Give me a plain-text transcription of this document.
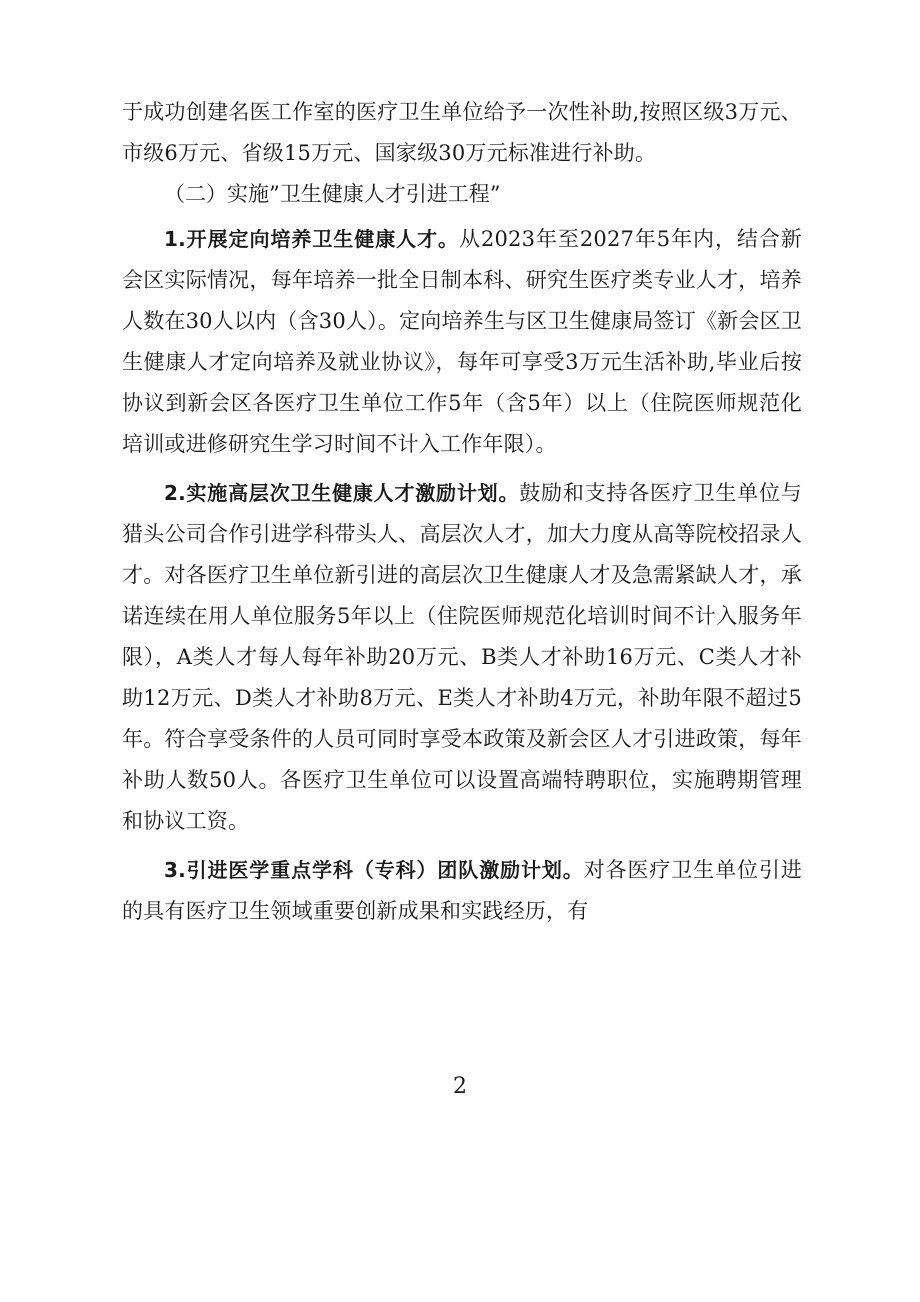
于成功创建名医工作室的医疗卫生单位给予一次性补助,按照区级3万元、市级6万元、省级15万元、国家级30万元标准进行补助。

（二）实施”卫生健康人才引进工程”

1.开展定向培养卫生健康人才。从2023年至2027年5年内，结合新会区实际情况，每年培养一批全日制本科、研究生医疗类专业人才，培养人数在30人以内（含30人）。定向培养生与区卫生健康局签订《新会区卫生健康人才定向培养及就业协议》，每年可享受3万元生活补助,毕业后按协议到新会区各医疗卫生单位工作5年（含5年）以上（住院医师规范化培训或进修研究生学习时间不计入工作年限）。

2.实施高层次卫生健康人才激励计划。鼓励和支持各医疗卫生单位与猎头公司合作引进学科带头人、高层次人才，加大力度从高等院校招录人才。对各医疗卫生单位新引进的高层次卫生健康人才及急需紧缺人才，承诺连续在用人单位服务5年以上（住院医师规范化培训时间不计入服务年限），A类人才每人每年补助20万元、B类人才补助16万元、C类人才补助12万元、D类人才补助8万元、E类人才补助4万元，补助年限不超过5年。符合享受条件的人员可同时享受本政策及新会区人才引进政策，每年补助人数50人。各医疗卫生单位可以设置高端特聘职位，实施聘期管理和协议工资。

3.引进医学重点学科（专科）团队激励计划。对各医疗卫生单位引进的具有医疗卫生领域重要创新成果和实践经历，有

2
